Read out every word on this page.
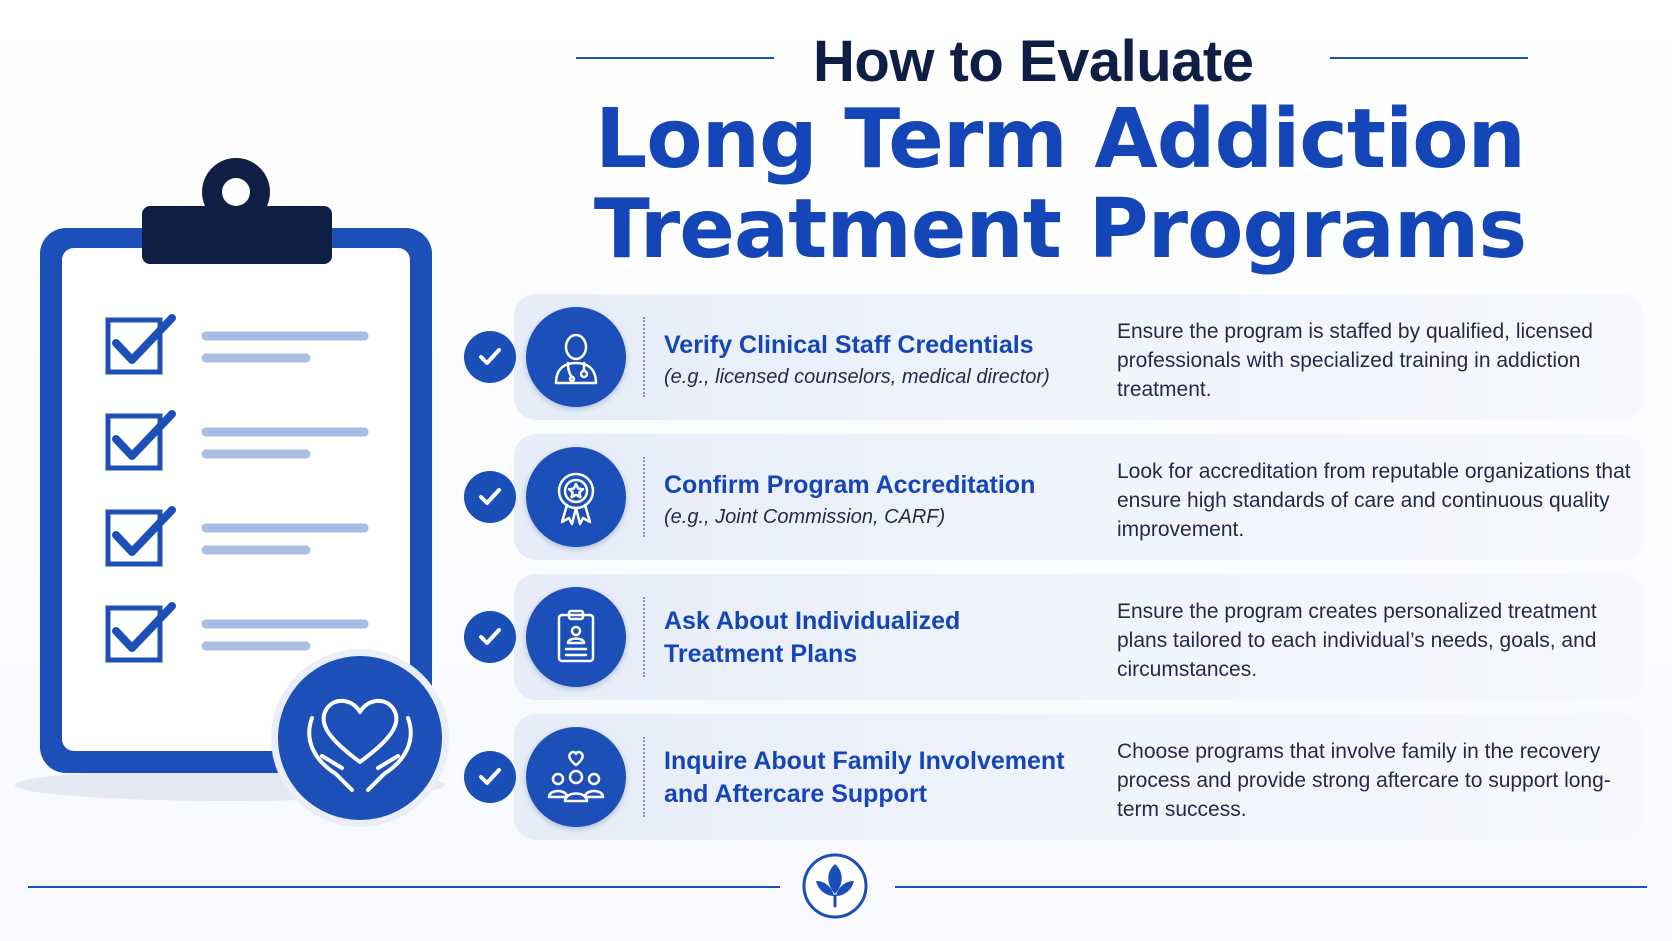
How to Evaluate
Long Term Addiction
Treatment Programs
Verify Clinical Staff Credentials
(e.g., licensed counselors, medical director)
Ensure the program is staffed by qualified, licensed professionals with specialized training in addiction treatment.
Confirm Program Accreditation
(e.g., Joint Commission, CARF)
Look for accreditation from reputable organizations that ensure high standards of care and continuous quality improvement.
Ask About Individualized Treatment Plans
Ensure the program creates personalized treatment plans tailored to each individual’s needs, goals, and circumstances.
Inquire About Family Involvement and Aftercare Support
Choose programs that involve family in the recovery process and provide strong aftercare to support long-term success.
